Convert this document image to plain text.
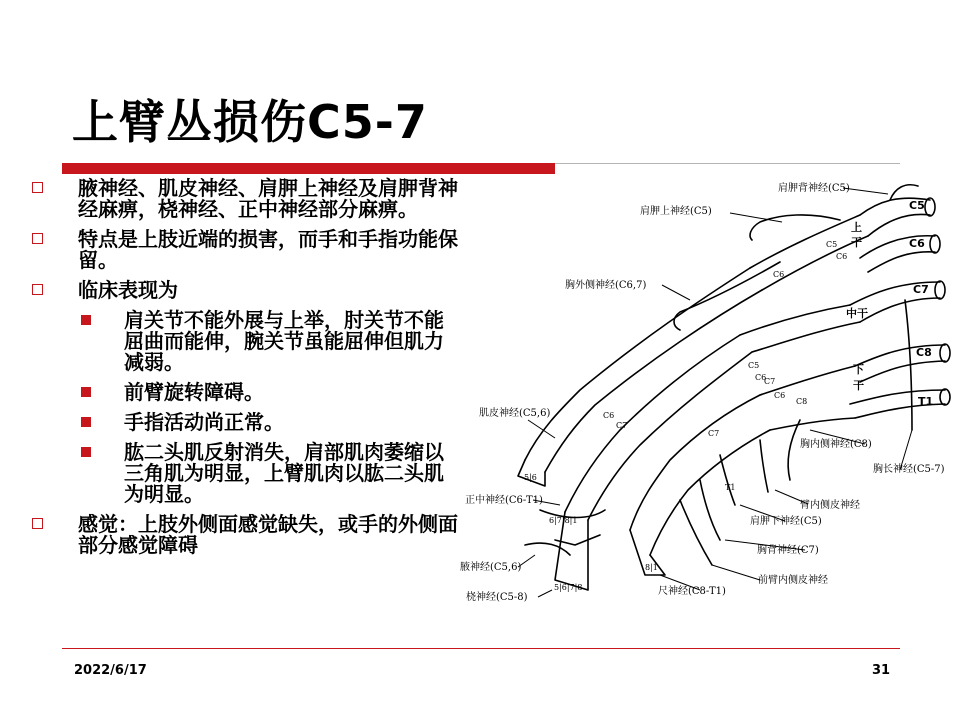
上臂丛损伤C5-7
腋神经、肌皮神经、肩胛上神经及肩胛背神经麻痹，桡神经、正中神经部分麻痹。
特点是上肢近端的损害，而手和手指功能保留。
临床表现为
肩关节不能外展与上举，肘关节不能屈曲而能伸，腕关节虽能屈伸但肌力减弱。
前臂旋转障碍。
手指活动尚正常。
肱二头肌反射消失，肩部肌肉萎缩以三角肌为明显，上臂肌肉以肱二头肌为明显。
感觉：上肢外侧面感觉缺失，或手的外侧面部分感觉障碍
肩胛背神经(C5)
肩胛上神经(C5)
胸外侧神经(C6,7)
肌皮神经(C5,6)
正中神经(C6-T1)
腋神经(C5,6)
桡神经(C5-8)
尺神经(C8-T1)
胸内侧神经(C8)
胸长神经(C5-7)
臂内侧皮神经
肩胛下神经(C5)
胸背神经(C7)
前臂内侧皮神经
C5
C6
C7
C8
T1
上
干
中干
下
干
C5
C6
C6
C5
C6
C7
C6
C7
C6
C8
C7
T1
5|6
6|7|8|1
5|6|7|8
8|1
2022/6/17	31
